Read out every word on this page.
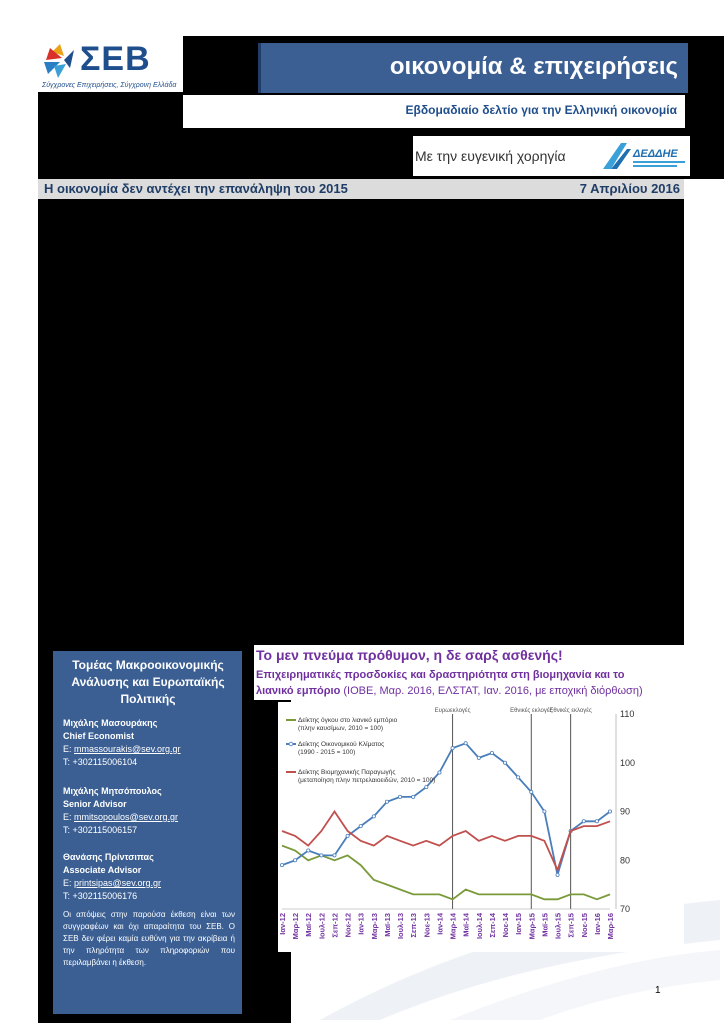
ΣΕΒ
Σύγχρονες Επιχειρήσεις, Σύγχρονη Ελλάδα
οικονομία & επιχειρήσεις
Εβδομαδιαίο δελτίο για την Ελληνική οικονομία
Με την ευγενική χορηγία	ΔΕΔΔΗΕ
Η οικονομία δεν αντέχει την επανάληψη του 2015	7 Απριλίου 2016
Τομέας Μακροοικονομικής Ανάλυσης και Ευρωπαϊκής Πολιτικής
Μιχάλης Μασουράκης
Chief Economist
E: mmassourakis@sev.org.gr
T: +302115006104
Μιχάλης Μητσόπουλος
Senior Advisor
E: mmitsopoulos@sev.org.gr
T: +302115006157
Θανάσης Πρίντσιπας
Associate Advisor
E: printsipas@sev.org.gr
T: +302115006176
Οι απόψεις στην παρούσα έκθεση είναι των συγγραφέων και όχι απαραίτητα του ΣΕΒ. Ο ΣΕΒ δεν φέρει καμία ευθύνη για την ακρίβεια ή την πληρότητα των πληροφοριών που περιλαμβάνει η έκθεση.
Το μεν πνεύμα πρόθυμον, η δε σαρξ ασθενής!
Επιχειρηματικές προσδοκίες και δραστηριότητα στη βιομηχανία και το
λιανικό εμπόριο (ΙΟΒΕ, Μαρ. 2016, ΕΛΣΤΑΤ, Ιαν. 2016, με εποχική διόρθωση)
Ευρωεκλογές	Εθνικές εκλογές
Εθνικές εκλογές
70
80
90
100
110
Ιαν-12 Μαρ-12 Μαϊ-12 Ιουλ-12 Σεπ-12 Νοε-12 Ιαν-13 Μαρ-13 Μαϊ-13 Ιουλ-13 Σεπ-13 Νοε-13 Ιαν-14 Μαρ-14 Μαϊ-14 Ιουλ-14 Σεπ-14 Νοε-14 Ιαν-15 Μαρ-15 Μαϊ-15 Ιουλ-15 Σεπ-15 Νοε-15 Ιαν-16 Μαρ-16
Δείκτης όγκου στο λιανικό εμπόριο
(πλην καυσίμων, 2010 = 100)
Δείκτης Οικονομικού Κλίματος
(1990 - 2015 = 100)
Δείκτης Βιομηχανικής Παραγωγής
(μεταποίηση πλην πετρελαιοειδών, 2010 = 100)
1
